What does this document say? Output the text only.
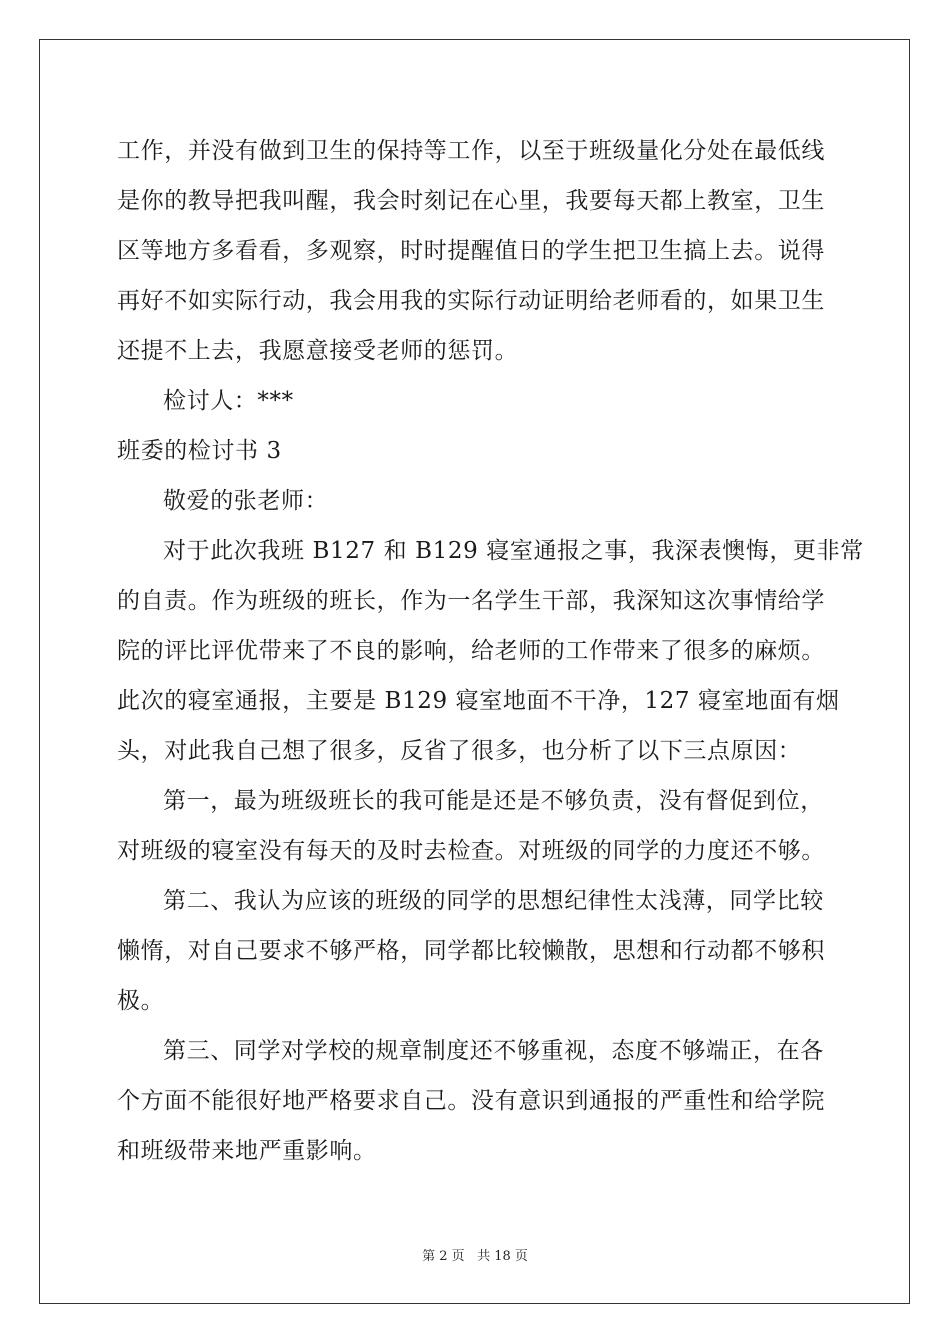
工作，并没有做到卫生的保持等工作，以至于班级量化分处在最低线
是你的教导把我叫醒，我会时刻记在心里，我要每天都上教室，卫生
区等地方多看看，多观察，时时提醒值日的学生把卫生搞上去。说得
再好不如实际行动，我会用我的实际行动证明给老师看的，如果卫生
还提不上去，我愿意接受老师的惩罚。
检讨人：***
班委的检讨书 3
敬爱的张老师：
对于此次我班 B127 和 B129 寝室通报之事，我深表懊悔，更非常
的自责。作为班级的班长，作为一名学生干部，我深知这次事情给学
院的评比评优带来了不良的影响，给老师的工作带来了很多的麻烦。
此次的寝室通报，主要是 B129 寝室地面不干净，127 寝室地面有烟
头，对此我自己想了很多，反省了很多，也分析了以下三点原因：
第一，最为班级班长的我可能是还是不够负责，没有督促到位，
对班级的寝室没有每天的及时去检查。对班级的同学的力度还不够。
第二、我认为应该的班级的同学的思想纪律性太浅薄，同学比较
懒惰，对自己要求不够严格，同学都比较懒散，思想和行动都不够积
极。
第三、同学对学校的规章制度还不够重视，态度不够端正，在各
个方面不能很好地严格要求自己。没有意识到通报的严重性和给学院
和班级带来地严重影响。
第 2 页 共 18 页
